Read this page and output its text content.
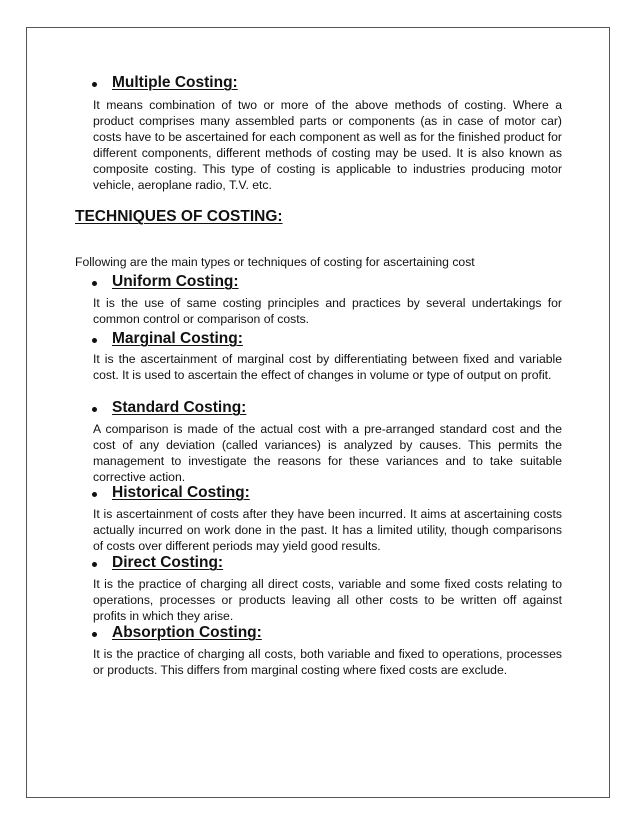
Multiple Costing:
It means combination of two or more of the above methods of costing. Where a product comprises many assembled parts or components (as in case of motor car) costs have to be ascertained for each component as well as for the finished product for different components, different methods of costing may be used. It is also known as composite costing. This type of costing is applicable to industries producing motor vehicle, aeroplane radio, T.V. etc.
TECHNIQUES OF COSTING:
Following are the main types or techniques of costing for ascertaining cost
Uniform Costing:
It is the use of same costing principles and practices by several undertakings for common control or comparison of costs.
Marginal Costing:
It is the ascertainment of marginal cost by differentiating between fixed and variable cost. It is used to ascertain the effect of changes in volume or type of output on profit.
Standard Costing:
A comparison is made of the actual cost with a pre-arranged standard cost and the cost of any deviation (called variances) is analyzed by causes. This permits the management to investigate the reasons for these variances and to take suitable corrective action.
Historical Costing:
It is ascertainment of costs after they have been incurred. It aims at ascertaining costs actually incurred on work done in the past. It has a limited utility, though comparisons of costs over different periods may yield good results.
Direct Costing:
It is the practice of charging all direct costs, variable and some fixed costs relating to operations, processes or products leaving all other costs to be written off against profits in which they arise.
Absorption Costing:
It is the practice of charging all costs, both variable and fixed to operations, processes or products. This differs from marginal costing where fixed costs are exclude.
